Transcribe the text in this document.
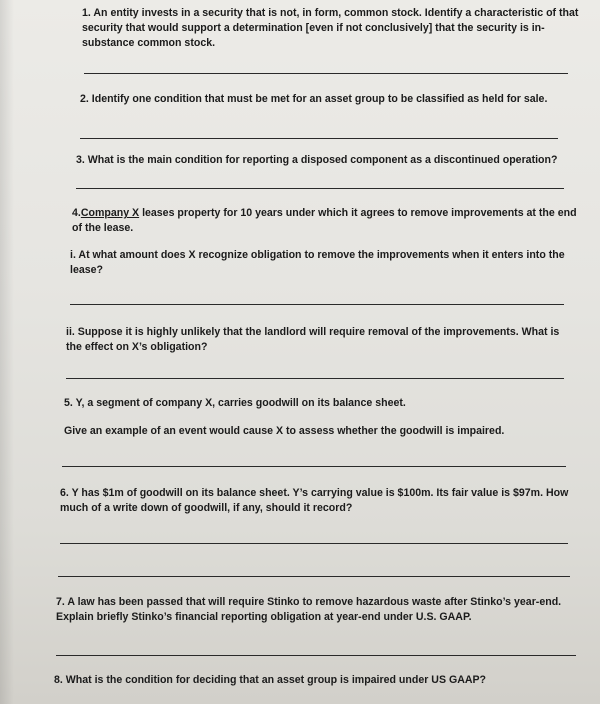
1. An entity invests in a security that is not, in form, common stock. Identify a characteristic of that security that would support a determination [even if not conclusively] that the security is in-substance common stock.

2. Identify one condition that must be met for an asset group to be classified as held for sale.

3. What is the main condition for reporting a disposed component as a discontinued operation?

4.Company X leases property for 10 years under which it agrees to remove improvements at the end of the lease.

i. At what amount does X recognize obligation to remove the improvements when it enters into the lease?

ii. Suppose it is highly unlikely that the landlord will require removal of the improvements. What is the effect on X’s obligation?

5. Y, a segment of company X, carries goodwill on its balance sheet.

Give an example of an event would cause X to assess whether the goodwill is impaired.

6. Y has $1m of goodwill on its balance sheet. Y’s carrying value is $100m. Its fair value is $97m. How much of a write down of goodwill, if any, should it record?

7. A law has been passed that will require Stinko to remove hazardous waste after Stinko’s year-end. Explain briefly Stinko’s financial reporting obligation at year-end under U.S. GAAP.

8. What is the condition for deciding that an asset group is impaired under US GAAP?
